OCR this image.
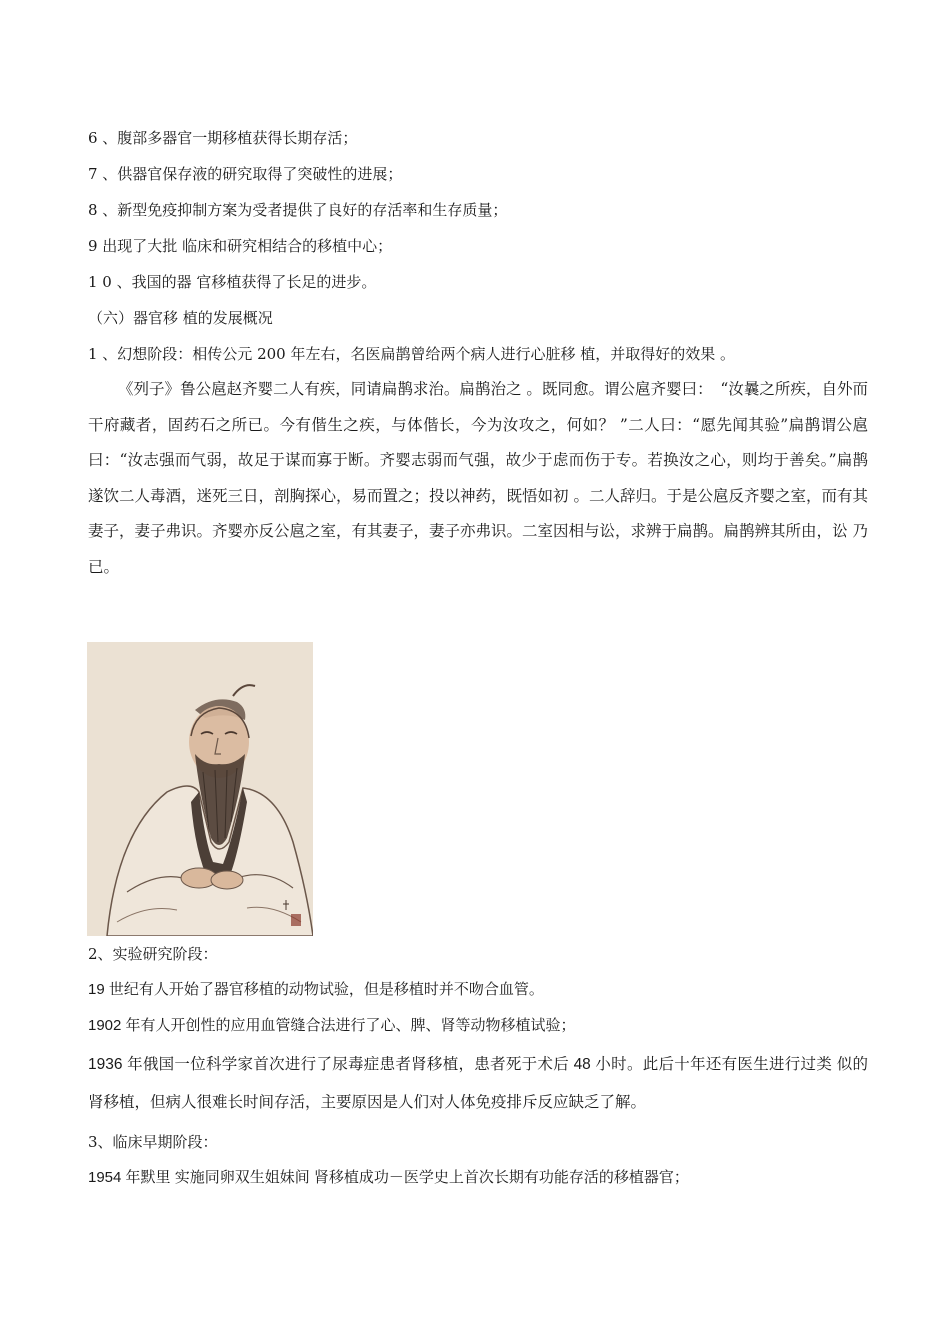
6 、腹部多器官一期移植获得长期存活；
7 、供器官保存液的研究取得了突破性的进展；
8 、新型免疫抑制方案为受者提供了良好的存活率和生存质量；
9 出现了大批 临床和研究相结合的移植中心；
1 0 、我国的器 官移植获得了长足的进步。
（六）器官移 植的发展概况
1 、幻想阶段：相传公元 200 年左右，名医扁鹊曾给两个病人进行心脏移 植，并取得好的效果 。

《列子》鲁公扈赵齐婴二人有疾，同请扁鹊求治。扁鹊治之 。既同愈。谓公扈齐婴曰：　“汝曩之所疾，自外而干府藏者，固药石之所已。今有偕生之疾，与体偕长，今为汝攻之，何如？ ”二人曰：“愿先闻其验”扁鹊谓公扈曰：“汝志强而气弱，故足于谋而寡于断。齐婴志弱而气强，故少于虑而伤于专。若换汝之心，则均于善矣。”扁鹊遂饮二人毒酒，迷死三日，剖胸探心，易而置之；投以神药，既悟如初 。二人辞归。于是公扈反齐婴之室，而有其妻子，妻子弗识。齐婴亦反公扈之室，有其妻子，妻子亦弗识。二室因相与讼，求辨于扁鹊。扁鹊辨其所由，讼 乃已。

2、实验研究阶段：
19 世纪有人开始了器官移植的动物试验，但是移植时并不吻合血管。
1902 年有人开创性的应用血管缝合法进行了心、脾、肾等动物移植试验；

1936 年俄国一位科学家首次进行了尿毒症患者肾移植，患者死于术后 48 小时。此后十年还有医生进行过类 似的肾移植，但病人很难长时间存活，主要原因是人们对人体免疫排斥反应缺乏了解。

3、临床早期阶段：
1954 年默里 实施同卵双生姐妹间 肾移植成功－医学史上首次长期有功能存活的移植器官；
